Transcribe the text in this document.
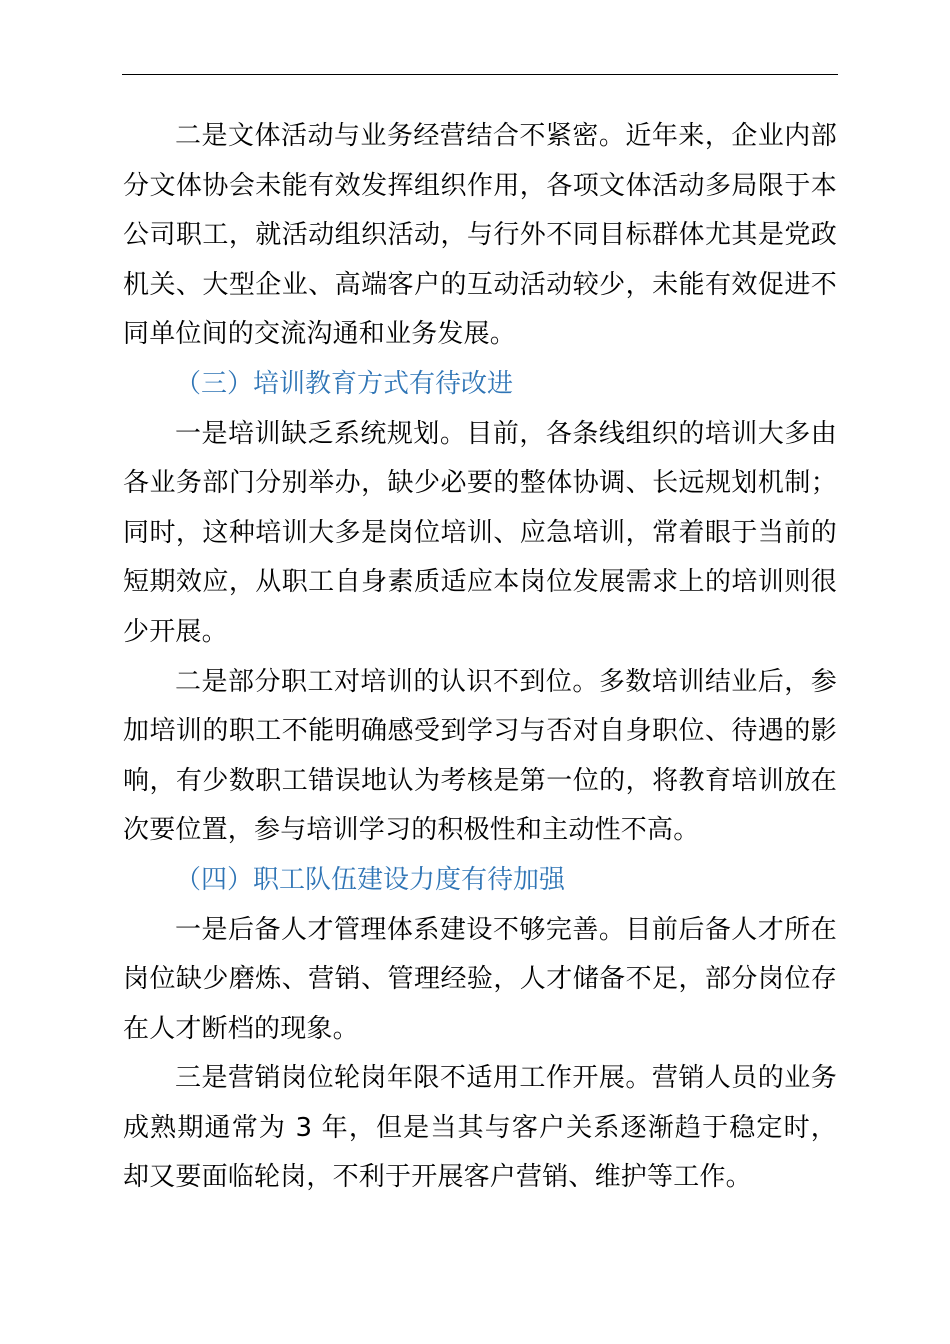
二是文体活动与业务经营结合不紧密。近年来，企业内部分文体协会未能有效发挥组织作用，各项文体活动多局限于本公司职工，就活动组织活动，与行外不同目标群体尤其是党政机关、大型企业、高端客户的互动活动较少，未能有效促进不同单位间的交流沟通和业务发展。

（三）培训教育方式有待改进

一是培训缺乏系统规划。目前，各条线组织的培训大多由各业务部门分别举办，缺少必要的整体协调、长远规划机制；同时，这种培训大多是岗位培训、应急培训，常着眼于当前的短期效应，从职工自身素质适应本岗位发展需求上的培训则很少开展。

二是部分职工对培训的认识不到位。多数培训结业后，参加培训的职工不能明确感受到学习与否对自身职位、待遇的影响，有少数职工错误地认为考核是第一位的，将教育培训放在次要位置，参与培训学习的积极性和主动性不高。

（四）职工队伍建设力度有待加强

一是后备人才管理体系建设不够完善。目前后备人才所在岗位缺少磨炼、营销、管理经验，人才储备不足，部分岗位存在人才断档的现象。

三是营销岗位轮岗年限不适用工作开展。营销人员的业务成熟期通常为 3 年，但是当其与客户关系逐渐趋于稳定时，却又要面临轮岗，不利于开展客户营销、维护等工作。
